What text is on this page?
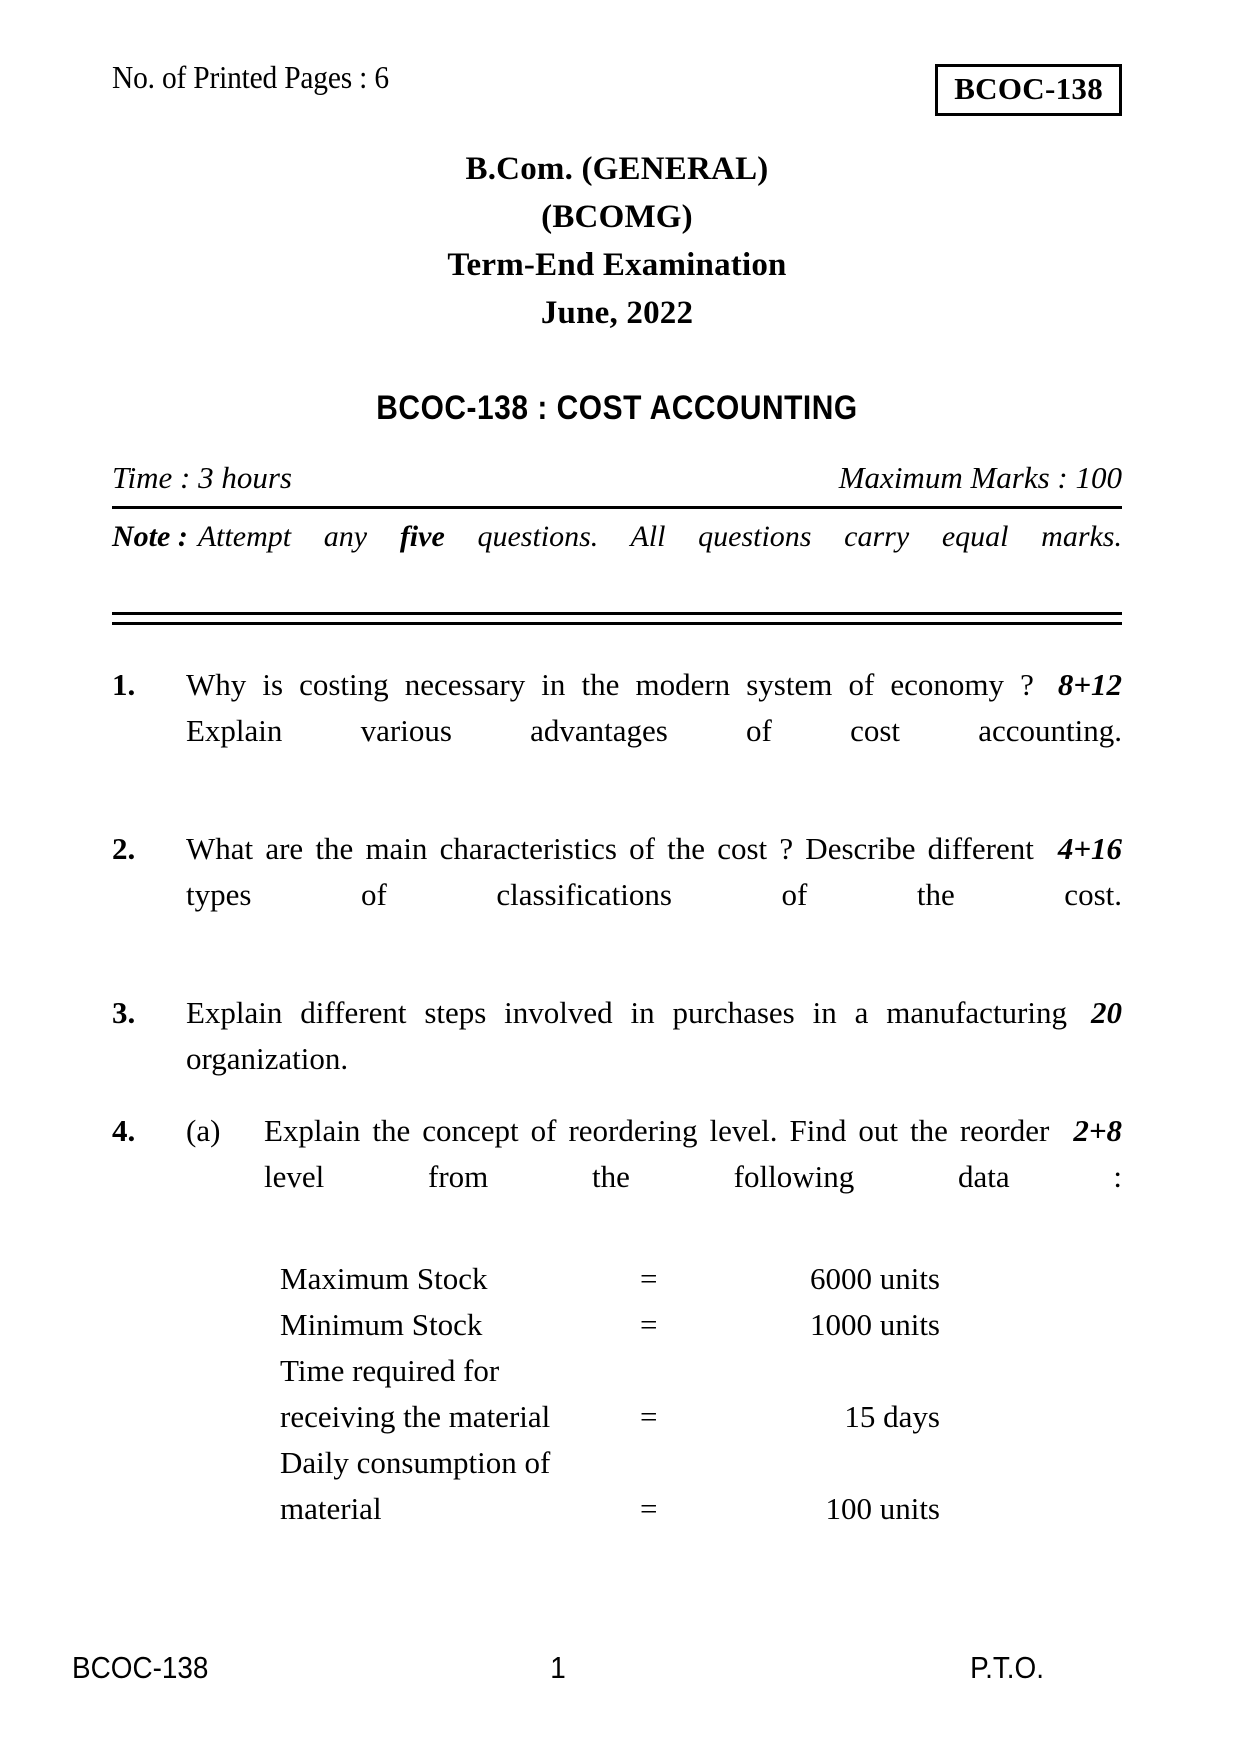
No. of Printed Pages : 6	BCOC-138
B.Com. (GENERAL)
(BCOMG)
Term-End Examination
June, 2022
BCOC-138 : COST ACCOUNTING
Time : 3 hours	Maximum Marks : 100
Note : Attempt any five questions. All questions carry equal marks.
1.	8+12
Why is costing necessary in the modern system of economy ? Explain various advantages of cost accounting.
2.	4+16
What are the main characteristics of the cost ? Describe different types of classifications of the cost.
3.	20
Explain different steps involved in purchases in a manufacturing organization.
4.	(a)	2+8
Explain the concept of reordering level. Find out the reorder level from the following data :
Maximum Stock	=	6000 units
Minimum Stock	=	1000 units
Time required for
receiving the material	=	15 days
Daily consumption of
material	=	100 units
BCOC-138	1	P.T.O.
